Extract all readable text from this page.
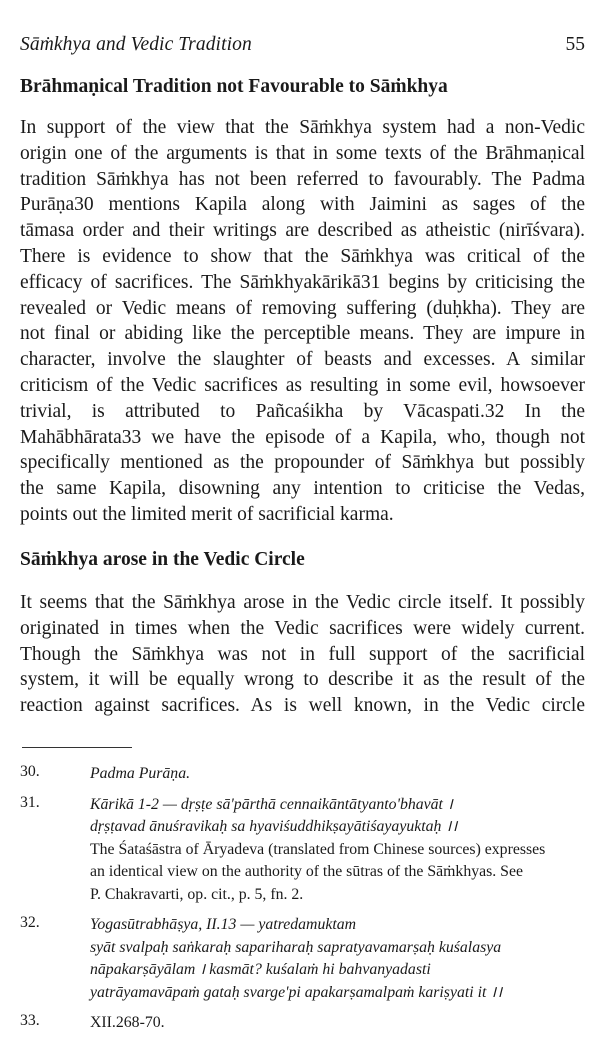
Sāṁkhya and Vedic Tradition	55
Brāhmaṇical Tradition not Favourable to Sāṁkhya
In support of the view that the Sāṁkhya system had a non-Vedic
origin one of the arguments is that in some texts of the Brāhmaṇical
tradition Sāṁkhya has not been referred to favourably. The Padma
Purāṇa30 mentions Kapila along with Jaimini as sages of the
tāmasa order and their writings are described as atheistic (nirīśvara).
There is evidence to show that the Sāṁkhya was critical of the
efficacy of sacrifices. The Sāṁkhyakārikā31 begins by criticising the
revealed or Vedic means of removing suffering (duḥkha). They are
not final or abiding like the perceptible means. They are impure in
character, involve the slaughter of beasts and excesses. A similar
criticism of the Vedic sacrifices as resulting in some evil, howsoever
trivial, is attributed to Pañcaśikha by Vācaspati.32 In the
Mahābhārata33 we have the episode of a Kapila, who, though not
specifically mentioned as the propounder of Sāṁkhya but possibly
the same Kapila, disowning any intention to criticise the Vedas,
points out the limited merit of sacrificial karma.
Sāṁkhya arose in the Vedic Circle
It seems that the Sāṁkhya arose in the Vedic circle itself. It possibly
originated in times when the Vedic sacrifices were widely current.
Though the Sāṁkhya was not in full support of the sacrificial
system, it will be equally wrong to describe it as the result of the
reaction against sacrifices. As is well known, in the Vedic circle
30.	Padma Purāṇa.
31.	Kārikā 1-2 — dṛṣṭe sā'pārthā cennaikāntātyanto'bhavāt ।
dṛṣṭavad ānuśravikaḥ sa hyaviśuddhikṣayātiśayayuktaḥ ।।
The Śataśāstra of Āryadeva (translated from Chinese sources) expresses
an identical view on the authority of the sūtras of the Sāṁkhyas. See
P. Chakravarti, op. cit., p. 5, fn. 2.
32.	Yogasūtrabhāṣya, II.13 — yatredamuktam
syāt svalpaḥ saṅkaraḥ sapariharaḥ sapratyavamarṣaḥ kuśalasya
nāpakarṣāyālam । kasmāt? kuśalaṁ hi bahvanyadasti
yatrāyamavāpaṁ gataḥ svarge'pi apakarṣamalpaṁ kariṣyati it ।।
33.	XII.268-70.
